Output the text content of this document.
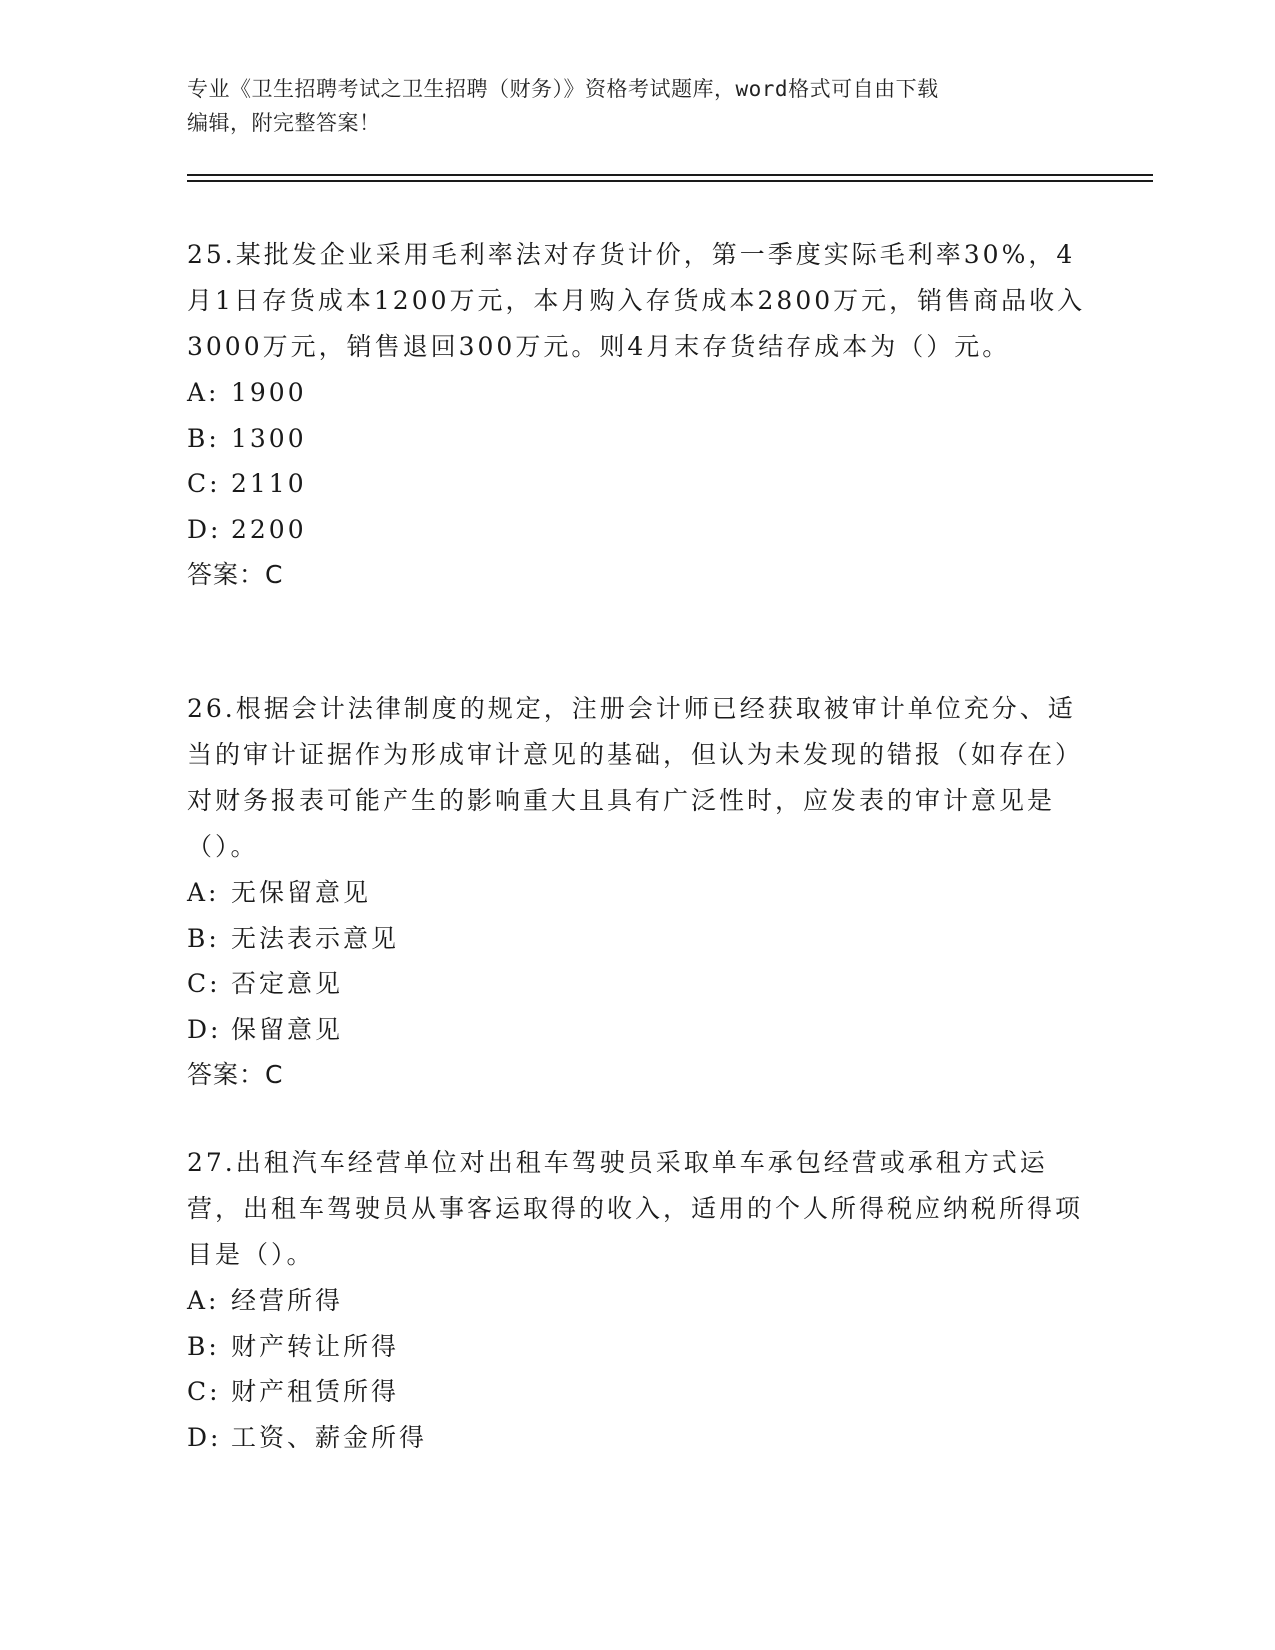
专业《卫生招聘考试之卫生招聘（财务）》资格考试题库，word格式可自由下载
编辑，附完整答案！

25.某批发企业采用毛利率法对存货计价，第一季度实际毛利率30%，4月1日存货成本1200万元，本月购入存货成本2800万元，销售商品收入3000万元，销售退回300万元。则4月末存货结存成本为（）元。

A: 1900
B: 1300
C: 2110
D: 2200

答案：C

26.根据会计法律制度的规定，注册会计师已经获取被审计单位充分、适当的审计证据作为形成审计意见的基础，但认为未发现的错报（如存在）对财务报表可能产生的影响重大且具有广泛性时，应发表的审计意见是（）。

A: 无保留意见
B: 无法表示意见
C: 否定意见
D: 保留意见

答案：C

27.出租汽车经营单位对出租车驾驶员采取单车承包经营或承租方式运营，出租车驾驶员从事客运取得的收入，适用的个人所得税应纳税所得项目是（）。

A: 经营所得
B: 财产转让所得
C: 财产租赁所得
D: 工资、薪金所得
